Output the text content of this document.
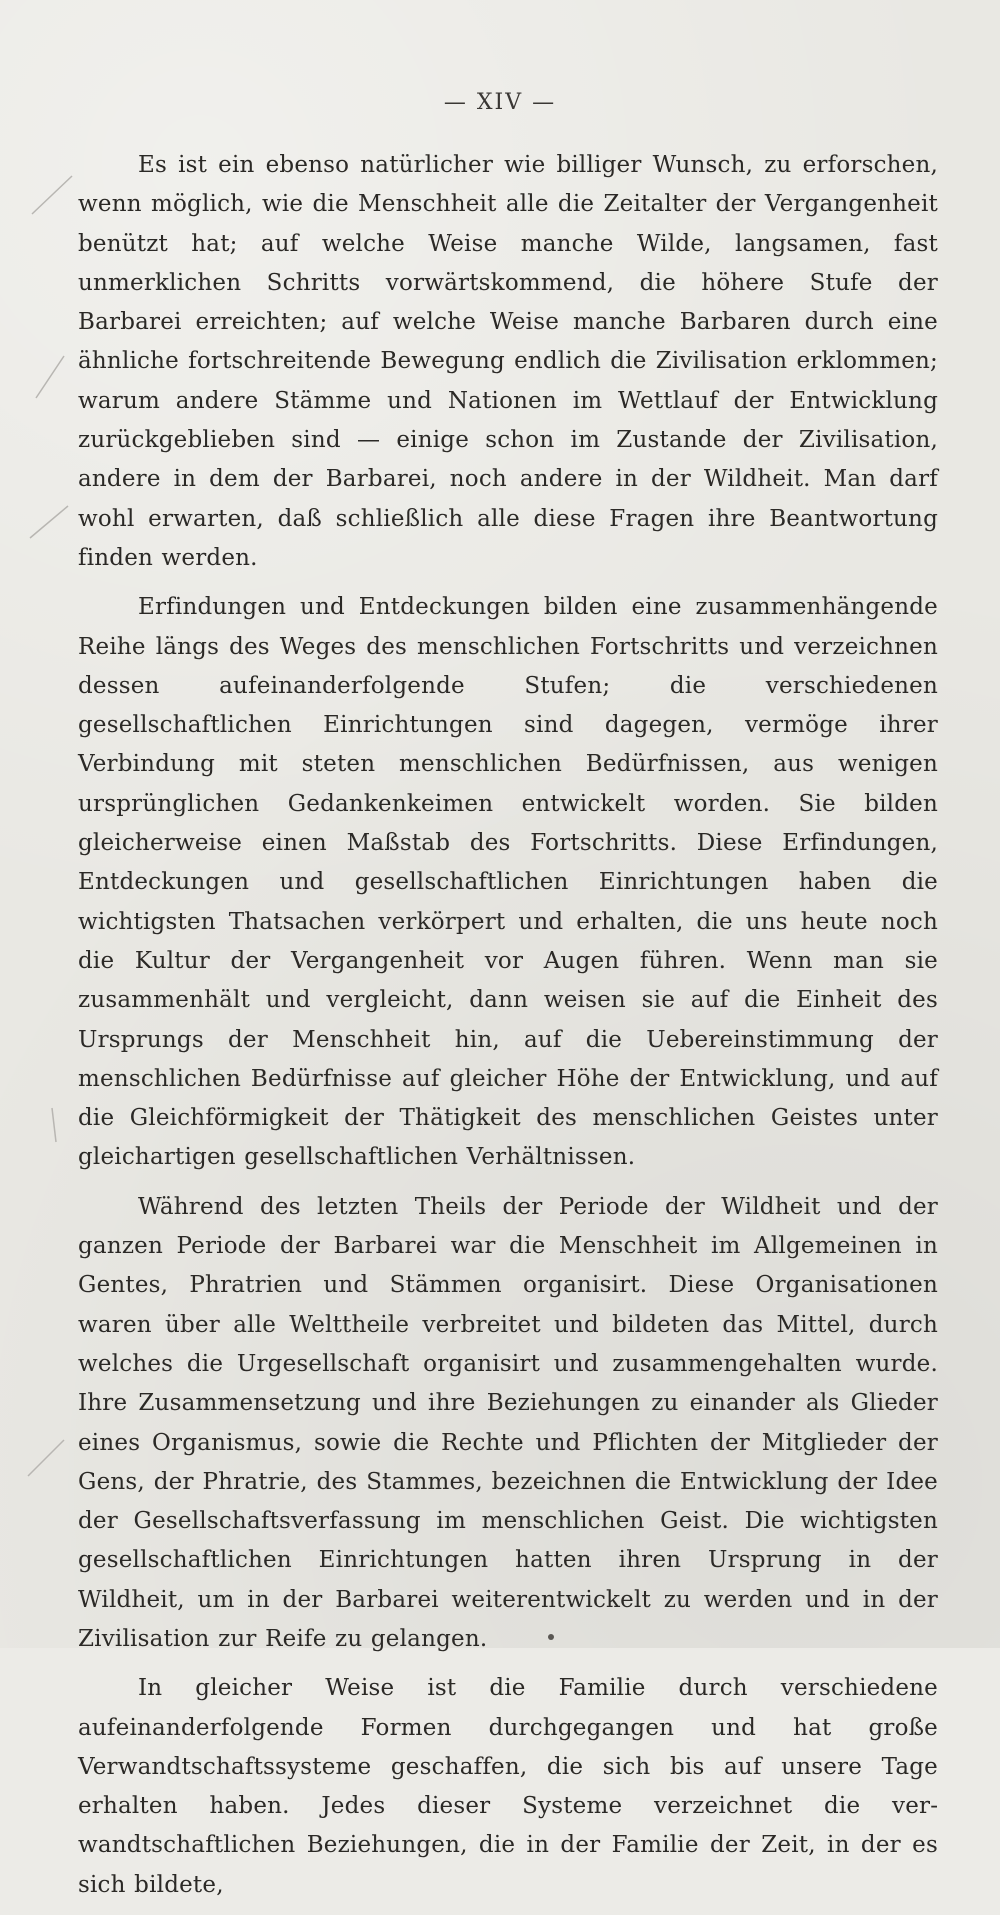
— XIV —

Es ist ein ebenso natürlicher wie billiger Wunsch, zu erforschen, wenn möglich, wie die Menschheit alle die Zeitalter der Vergangenheit benützt hat; auf welche Weise manche Wilde, langsamen, fast unmerklichen Schritts vorwärtskommend, die höhere Stufe der Barbarei erreichten; auf welche Weise manche Barbaren durch eine ähnliche fortschreitende Bewegung endlich die Zivilisation erklommen; warum andere Stämme und Nationen im Wettlauf der Entwicklung zurückgeblieben sind — einige schon im Zustande der Zivilisation, andere in dem der Barbarei, noch andere in der Wildheit. Man darf wohl erwarten, daß schließlich alle diese Fragen ihre Beantwortung finden werden.

Erfindungen und Entdeckungen bilden eine zusammenhängende Reihe längs des Weges des menschlichen Fortschritts und verzeichnen dessen aufeinanderfolgende Stufen; die verschiedenen gesellschaftlichen Einrichtungen sind dagegen, vermöge ihrer Verbindung mit steten menschlichen Bedürfnissen, aus wenigen ursprünglichen Gedankenkeimen entwickelt worden. Sie bilden gleicherweise einen Maßstab des Fortschritts. Diese Erfindungen, Entdeckungen und gesellschaftlichen Einrichtungen haben die wichtigsten Thatsachen verkörpert und erhalten, die uns heute noch die Kultur der Vergangenheit vor Augen führen. Wenn man sie zusammenhält und vergleicht, dann weisen sie auf die Einheit des Ursprungs der Menschheit hin, auf die Uebereinstimmung der menschlichen Bedürfnisse auf gleicher Höhe der Entwicklung, und auf die Gleichförmigkeit der Thätigkeit des menschlichen Geistes unter gleichartigen gesellschaftlichen Verhältnissen.

Während des letzten Theils der Periode der Wildheit und der ganzen Periode der Barbarei war die Menschheit im Allgemeinen in Gentes, Phratrien und Stämmen organisirt. Diese Organisationen waren über alle Welttheile verbreitet und bildeten das Mittel, durch welches die Urgesellschaft organisirt und zusammengehalten wurde. Ihre Zusammensetzung und ihre Beziehungen zu einander als Glieder eines Organismus, sowie die Rechte und Pflichten der Mitglieder der Gens, der Phratrie, des Stammes, bezeichnen die Entwicklung der Idee der Gesellschaftsverfassung im menschlichen Geist. Die wichtigsten gesellschaftlichen Einrichtungen hatten ihren Ursprung in der Wildheit, um in der Barbarei weiterentwickelt zu werden und in der Zivilisation zur Reife zu gelangen.

In gleicher Weise ist die Familie durch verschiedene aufeinanderfolgende Formen durchgegangen und hat große Verwandtschaftssysteme geschaffen, die sich bis auf unsere Tage erhalten haben. Jedes dieser Systeme verzeichnet die verwandtschaftlichen Beziehungen, die in der Familie der Zeit, in der es sich bildete,
